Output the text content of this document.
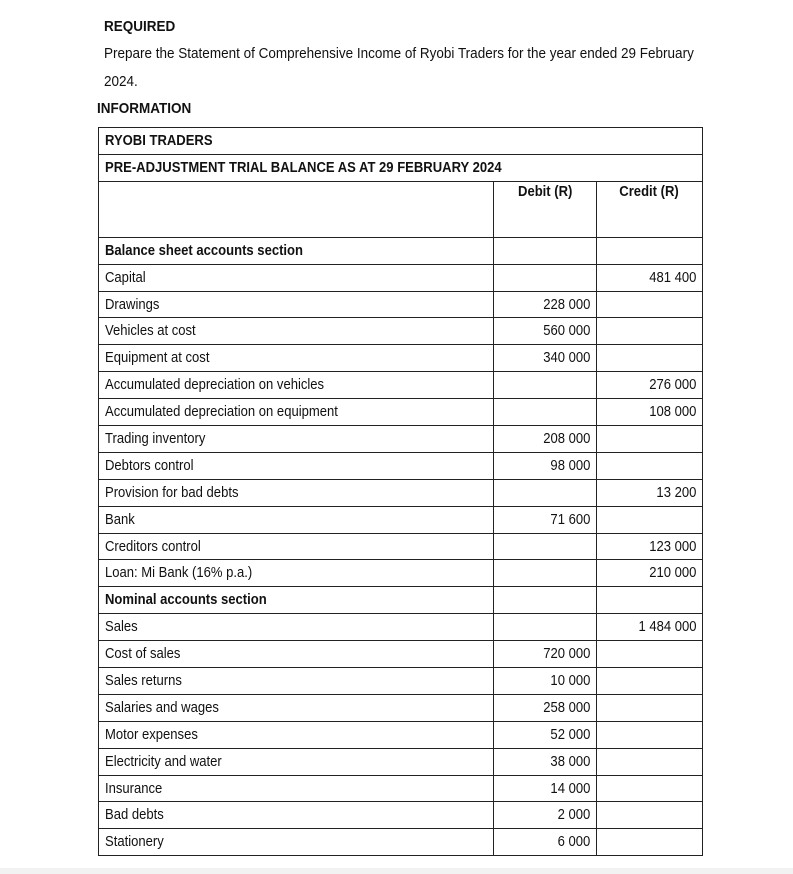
REQUIRED
Prepare the Statement of Comprehensive Income of Ryobi Traders for the year ended 29 February
2024.
INFORMATION
RYOBI TRADERS		
PRE-ADJUSTMENT TRIAL BALANCE AS AT 29 FEBRUARY 2024		
	Debit (R)	Credit (R)
Balance sheet accounts section		
Capital		481 400
Drawings	228 000	
Vehicles at cost	560 000	
Equipment at cost	340 000	
Accumulated depreciation on vehicles		276 000
Accumulated depreciation on equipment		108 000
Trading inventory	208 000	
Debtors control	98 000	
Provision for bad debts		13 200
Bank	71 600	
Creditors control		123 000
Loan: Mi Bank (16% p.a.)		210 000
Nominal accounts section		
Sales		1 484 000
Cost of sales	720 000	
Sales returns	10 000	
Salaries and wages	258 000	
Motor expenses	52 000	
Electricity and water	38 000	
Insurance	14 000	
Bad debts	2 000	
Stationery	6 000	
